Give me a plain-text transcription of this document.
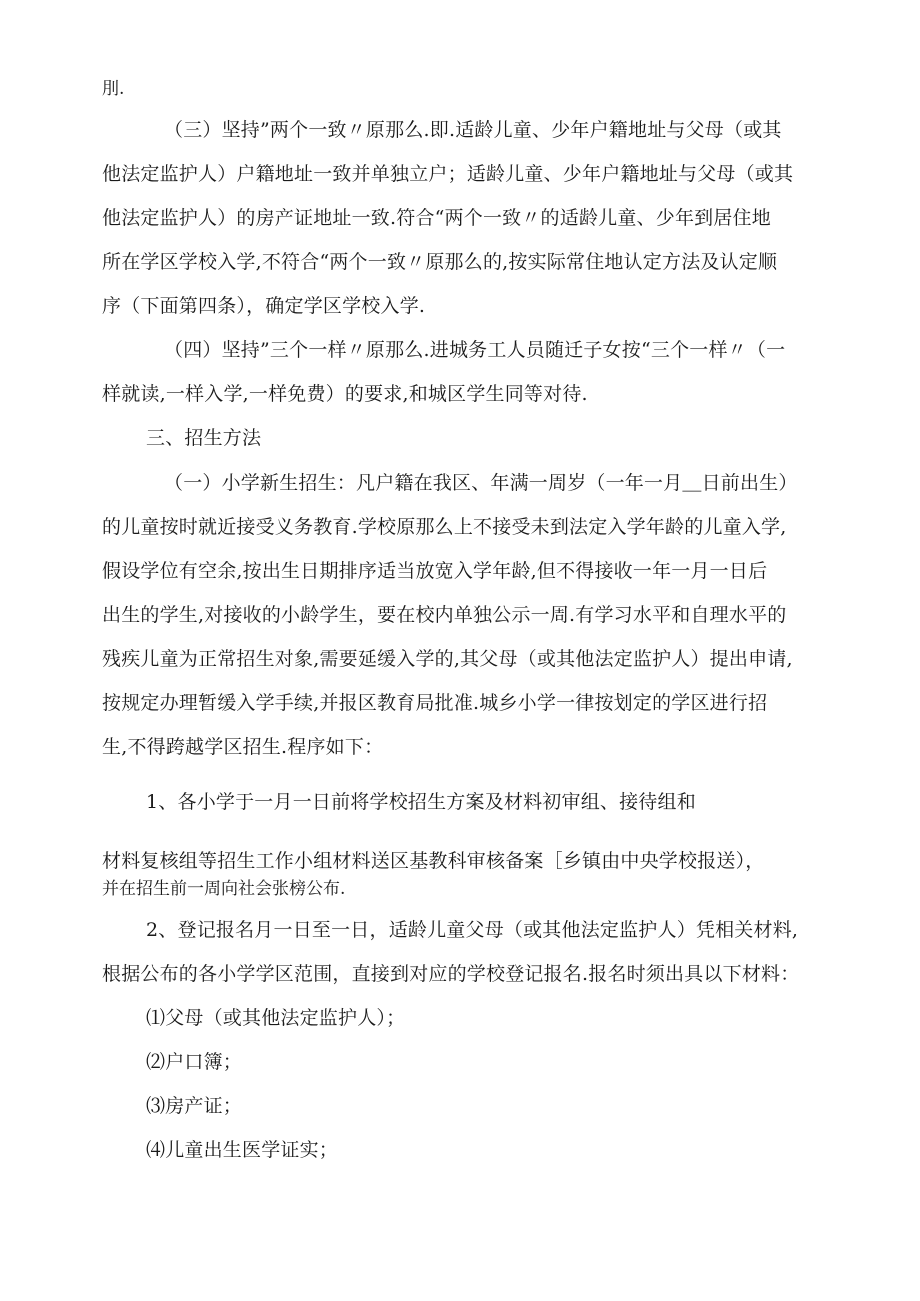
刖.
（三）坚持”两个一致〃原那么.即.适龄儿童、少年户籍地址与父母（或其
他法定监护人）户籍地址一致并单独立户；适龄儿童、少年户籍地址与父母（或其
他法定监护人）的房产证地址一致.符合“两个一致〃的适龄儿童、少年到居住地
所在学区学校入学,不符合“两个一致〃原那么的,按实际常住地认定方法及认定顺
序（下面第四条），确定学区学校入学.
（四）坚持”三个一样〃原那么.进城务工人员随迁子女按“三个一样〃（一
样就读,一样入学,一样免费）的要求,和城区学生同等对待.
三、招生方法
（一）小学新生招生：凡户籍在我区、年满一周岁（一年一月＿日前出生）
的儿童按时就近接受义务教育.学校原那么上不接受未到法定入学年龄的儿童入学,
假设学位有空余,按出生日期排序适当放宽入学年龄,但不得接收一年一月一日后
出生的学生,对接收的小龄学生，要在校内单独公示一周.有学习水平和自理水平的
残疾儿童为正常招生对象,需要延缓入学的,其父母（或其他法定监护人）提出申请,
按规定办理暂缓入学手续,并报区教育局批准.城乡小学一律按划定的学区进行招
生,不得跨越学区招生.程序如下：
1、各小学于一月一日前将学校招生方案及材料初审组、接待组和
材料复核组等招生工作小组材料送区基教科审核备案［乡镇由中央学校报送），
并在招生前一周向社会张榜公布.
2、登记报名月一日至一日，适龄儿童父母（或其他法定监护人）凭相关材料,
根据公布的各小学学区范围，直接到对应的学校登记报名.报名时须出具以下材料：
⑴父母（或其他法定监护人）；
⑵户口簿；
⑶房产证；
⑷儿童出生医学证实；
